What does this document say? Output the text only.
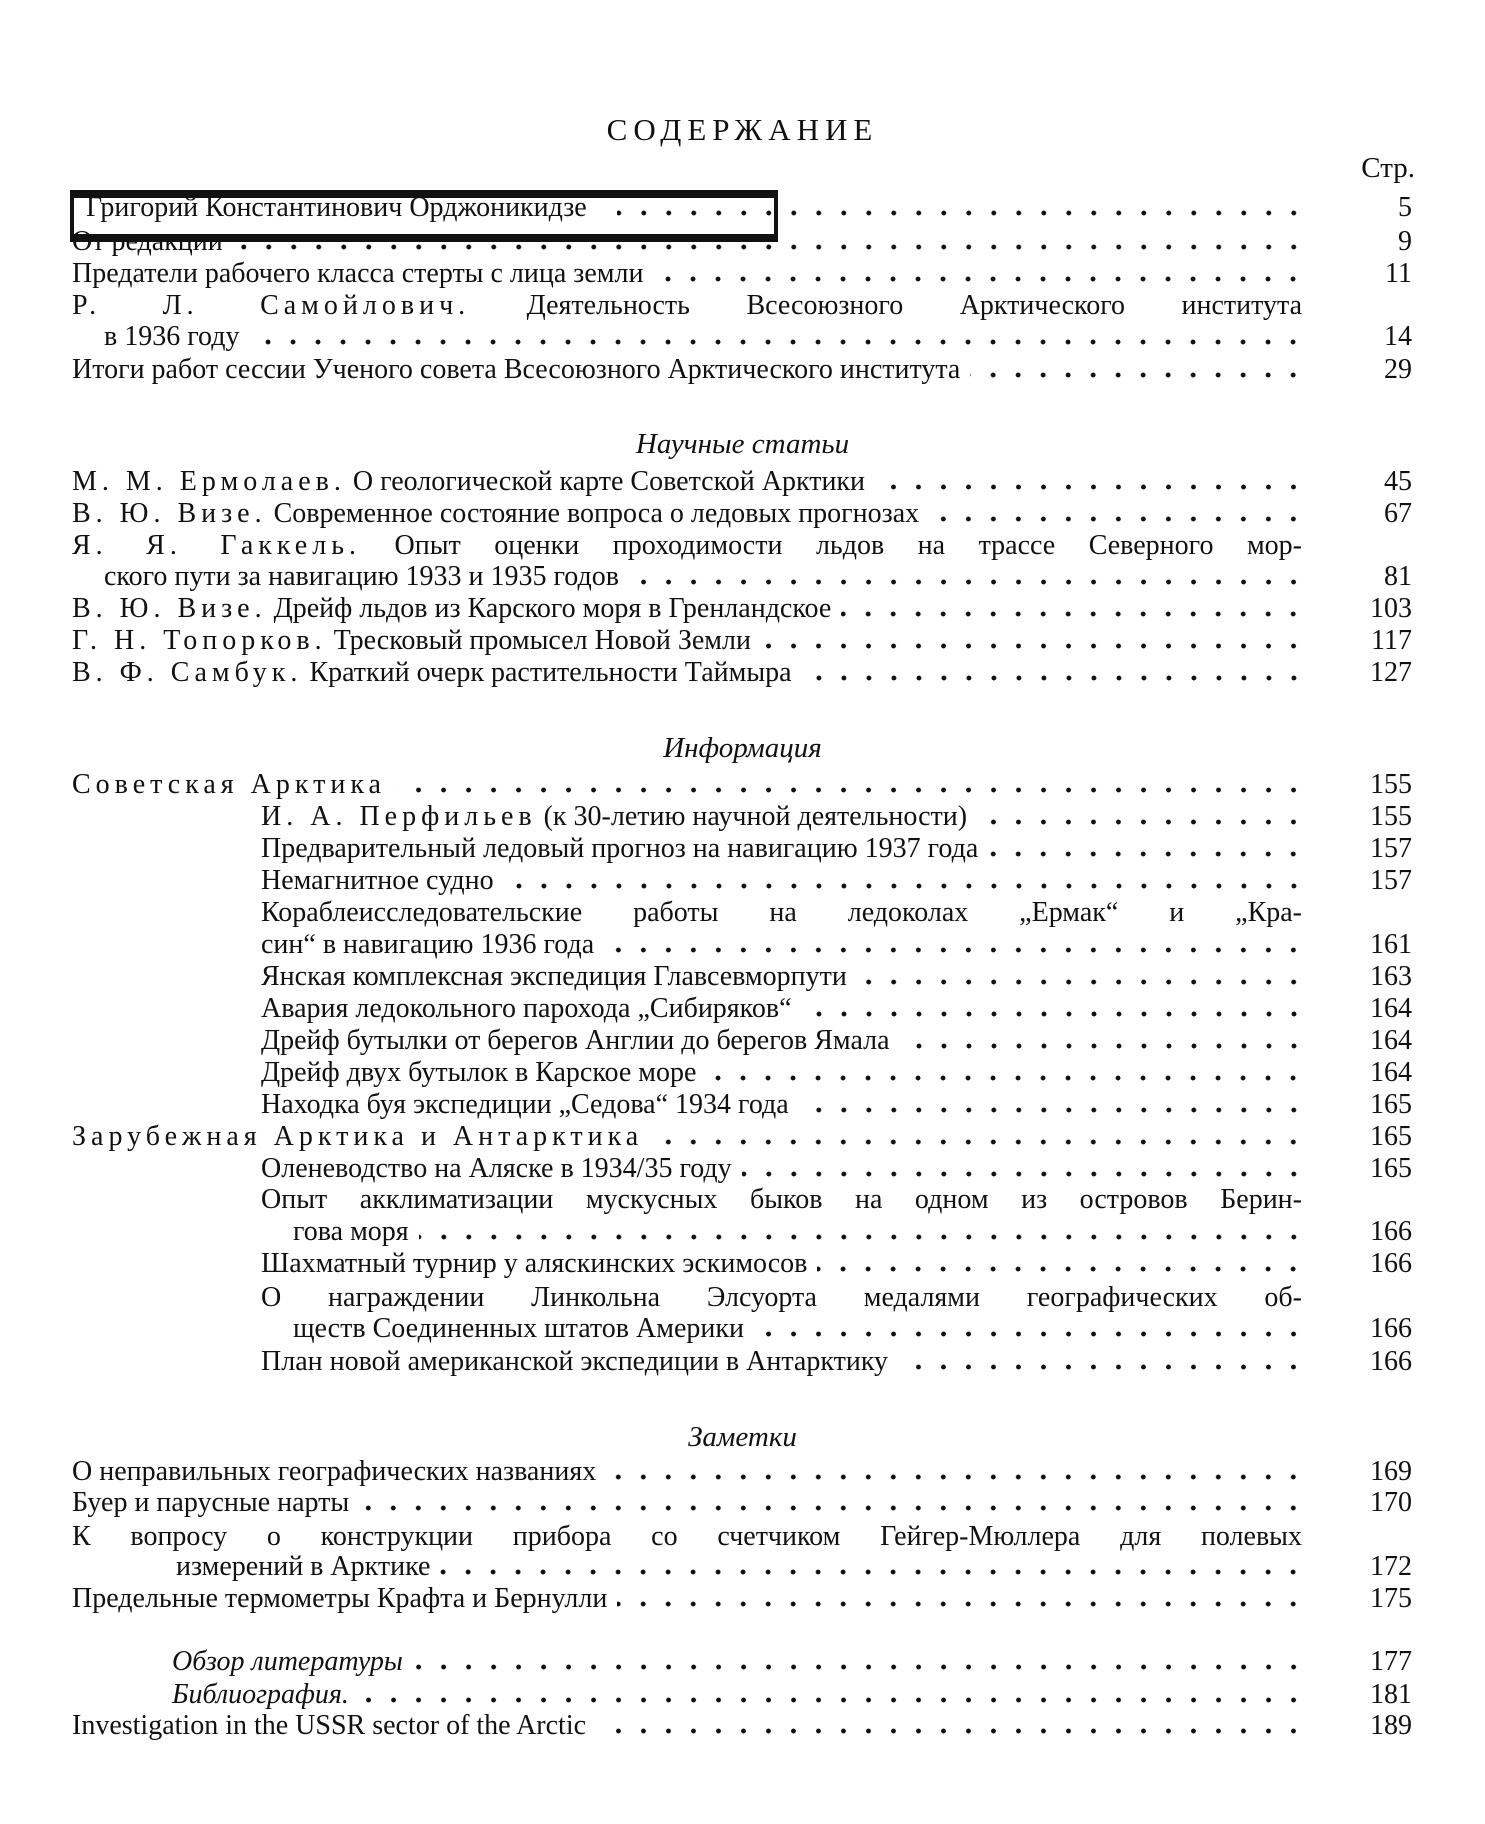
СОДЕРЖАНИЕ
Стр.
Научные статьи
Информация
Заметки
Григорий Константинович Орджоникидзе	5
От редакции	9
Предатели рабочего класса стерты с лица земли	11
Р. Л. Самойлович. Деятельность Всесоюзного Арктического института
в 1936 году	14
Итоги работ сессии Ученого совета Всесоюзного Арктического института	29
М. М. Ермолаев. О геологической карте Советской Арктики	45
В. Ю. Визе. Современное состояние вопроса о ледовых прогнозах	67
Я. Я. Гаккель. Опыт оценки проходимости льдов на трассе Северного мор-
ского пути за навигацию 1933 и 1935 годов	81
В. Ю. Визе. Дрейф льдов из Карского моря в Гренландское	103
Г. Н. Топорков. Тресковый промысел Новой Земли	117
В. Ф. Самбук. Краткий очерк растительности Таймыра	127
Советская Арктика	155
И. А. Перфильев (к 30-летию научной деятельности)	155
Предварительный ледовый прогноз на навигацию 1937 года	157
Немагнитное судно	157
Кораблеисследовательские работы на ледоколах „Ермак“ и „Кра-
син“ в навигацию 1936 года	161
Янская комплексная экспедиция Главсевморпути	163
Авария ледокольного парохода „Сибиряков“	164
Дрейф бутылки от берегов Англии до берегов Ямала	164
Дрейф двух бутылок в Карское море	164
Находка буя экспедиции „Седова“ 1934 года	165
Зарубежная Арктика и Антарктика	165
Оленеводство на Аляске в 1934/35 году	165
Опыт акклиматизации мускусных быков на одном из островов Берин-
гова моря	166
Шахматный турнир у аляскинских эскимосов	166
О награждении Линкольна Элсуорта медалями географических об-
ществ Соединенных штатов Америки	166
План новой американской экспедиции в Антарктику	166
О неправильных географических названиях	169
Буер и парусные нарты	170
К вопросу о конструкции прибора со счетчиком Гейгер-Мюллера для полевых
измерений в Арктике	172
Предельные термометры Крафта и Бернулли	175
Обзор литературы	177
Библиография.	181
Investigation in the USSR sector of the Arctic	189
